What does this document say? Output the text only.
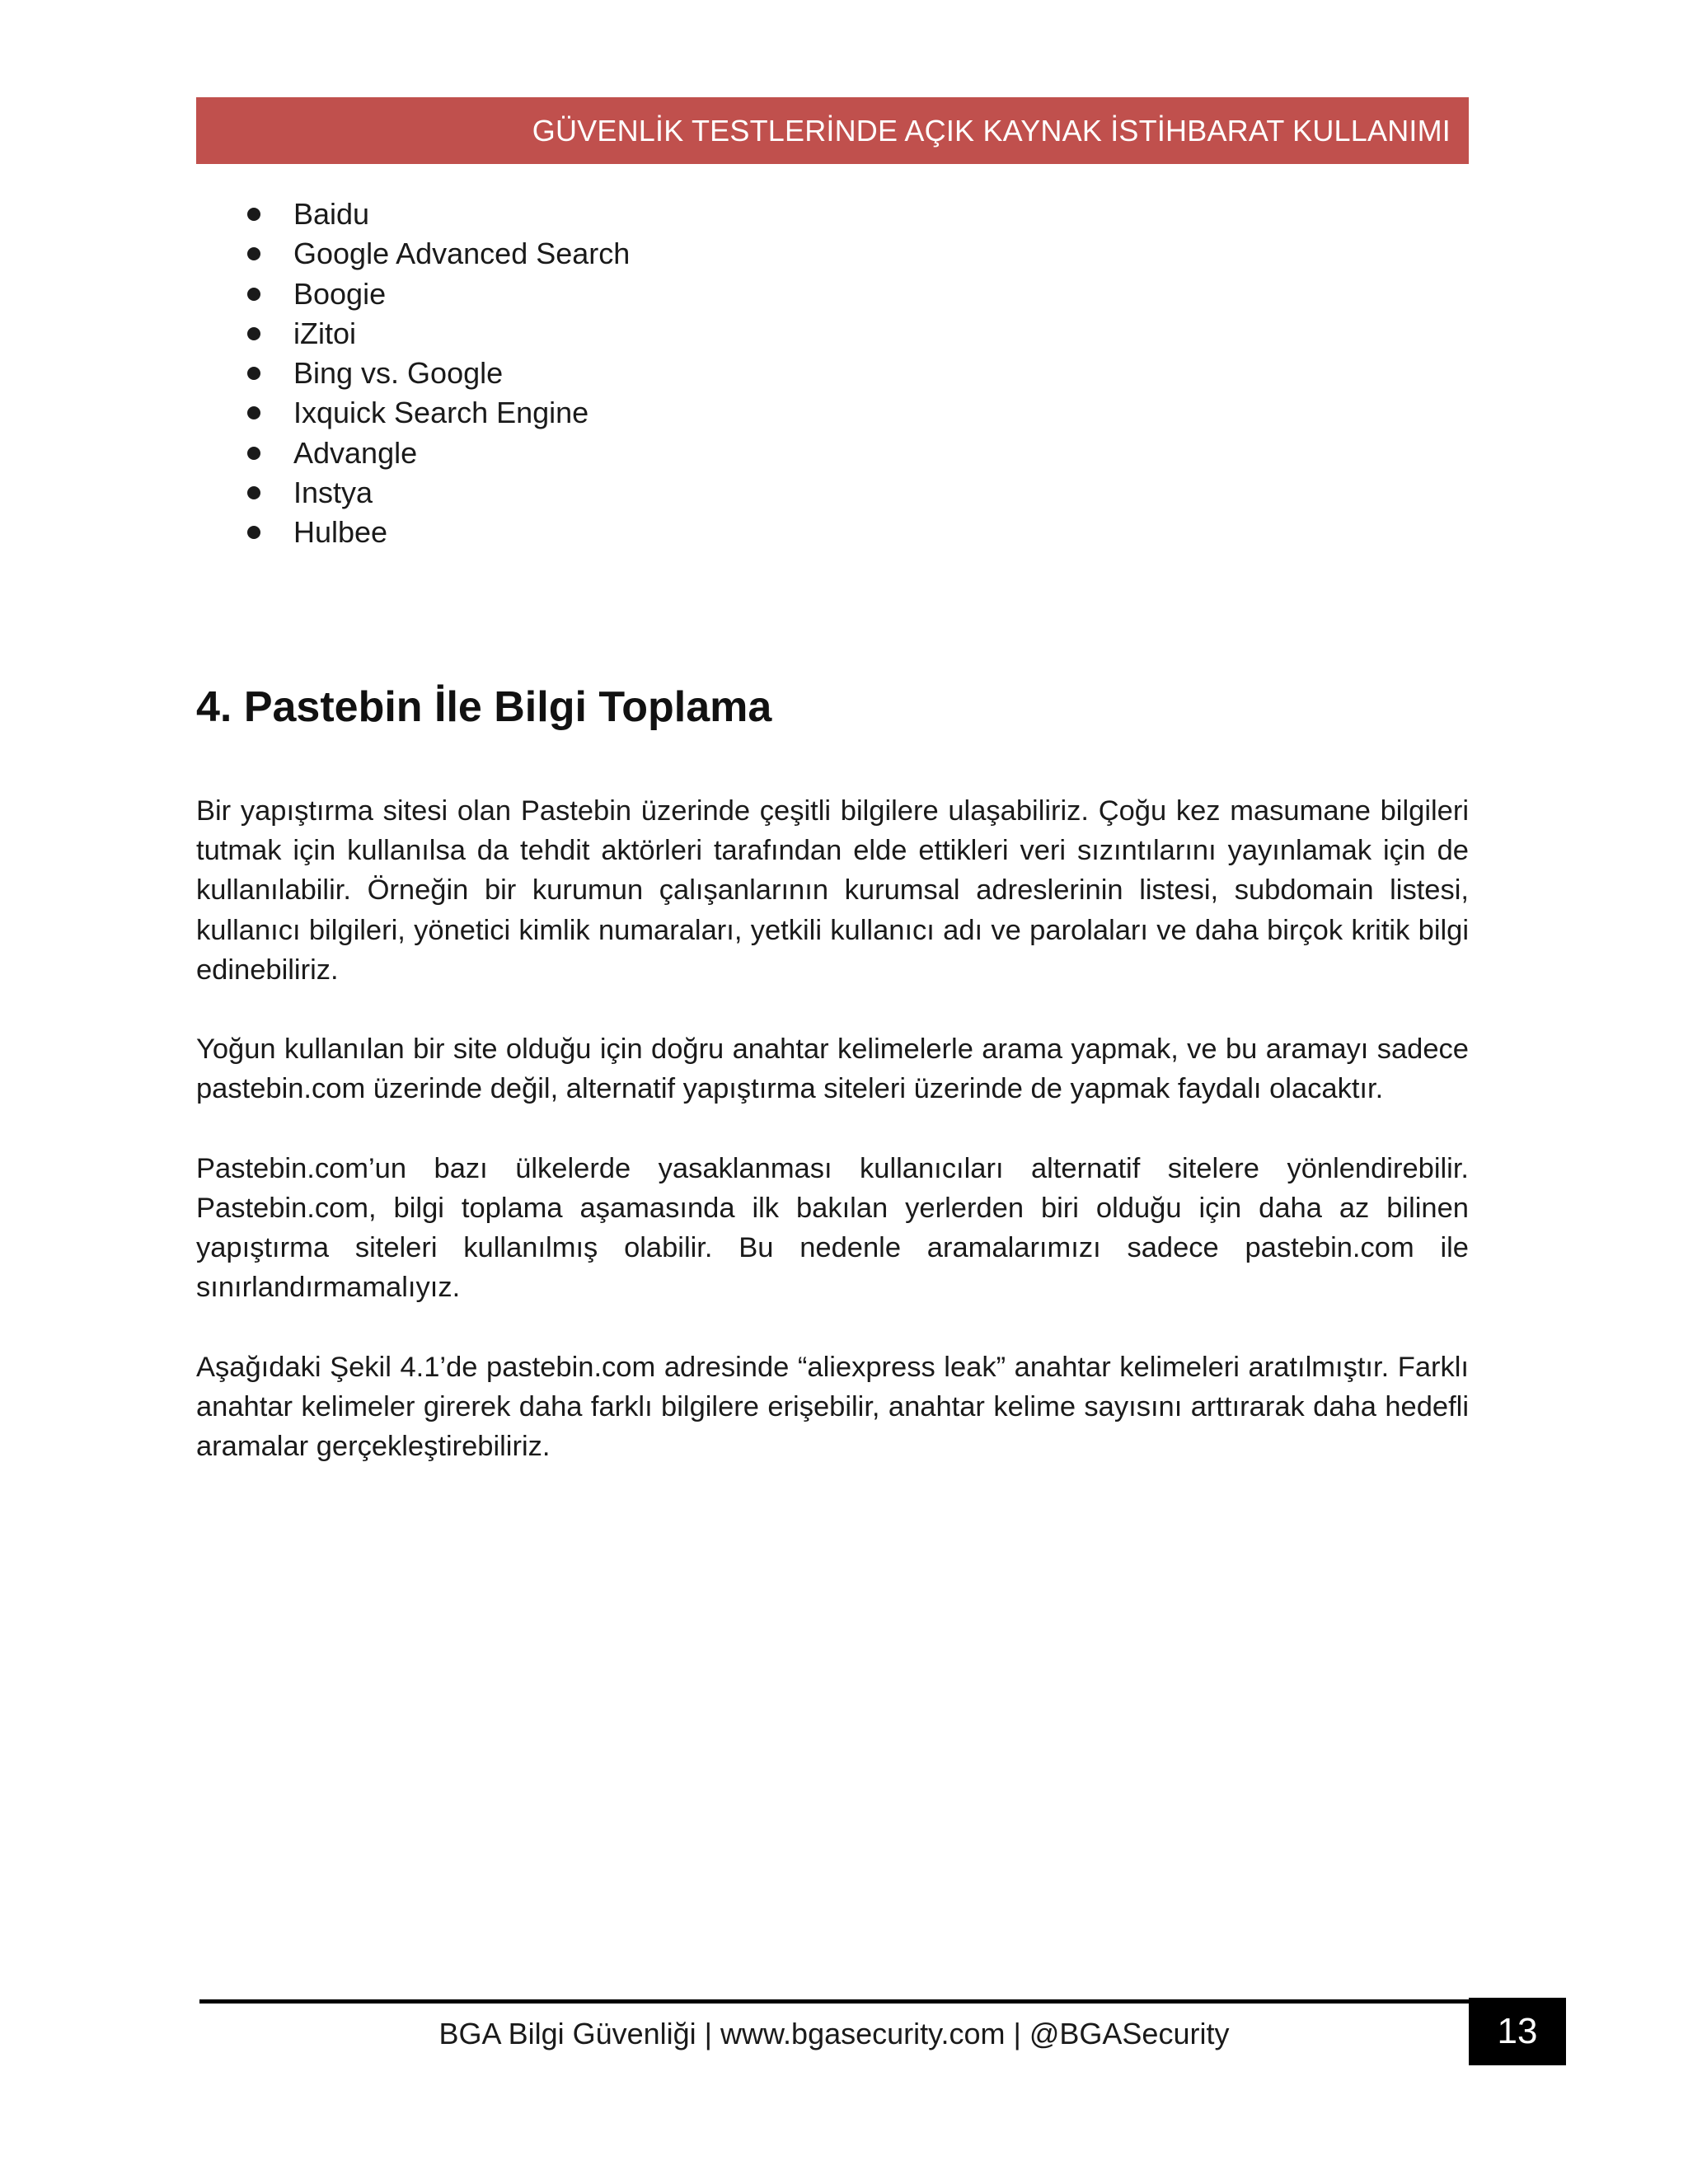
GÜVENLİK TESTLERİNDE AÇIK KAYNAK İSTİHBARAT KULLANIMI
Baidu
Google Advanced Search
Boogie
iZitoi
Bing vs. Google
Ixquick Search Engine
Advangle
Instya
Hulbee
4. Pastebin İle Bilgi Toplama

Bir yapıştırma sitesi olan Pastebin üzerinde çeşitli bilgilere ulaşabiliriz. Çoğu kez masumane bilgileri tutmak için kullanılsa da tehdit aktörleri tarafından elde ettikleri veri sızıntılarını yayınlamak için de kullanılabilir. Örneğin bir kurumun çalışanlarının kurumsal adreslerinin listesi, subdomain listesi, kullanıcı bilgileri, yönetici kimlik numaraları, yetkili kullanıcı adı ve parolaları ve daha birçok kritik bilgi edinebiliriz.

Yoğun kullanılan bir site olduğu için doğru anahtar kelimelerle arama yapmak, ve bu aramayı sadece pastebin.com üzerinde değil, alternatif yapıştırma siteleri üzerinde de yapmak faydalı olacaktır.

Pastebin.com’un bazı ülkelerde yasaklanması kullanıcıları alternatif sitelere yönlendirebilir. Pastebin.com, bilgi toplama aşamasında ilk bakılan yerlerden biri olduğu için daha az bilinen yapıştırma siteleri kullanılmış olabilir. Bu nedenle aramalarımızı sadece pastebin.com ile sınırlandırmamalıyız.

Aşağıdaki Şekil 4.1’de pastebin.com adresinde “aliexpress leak” anahtar kelimeleri aratılmıştır. Farklı anahtar kelimeler girerek daha farklı bilgilere erişebilir, anahtar kelime sayısını arttırarak daha hedefli aramalar gerçekleştirebiliriz.

BGA Bilgi Güvenliği | www.bgasecurity.com | @BGASecurity	13
